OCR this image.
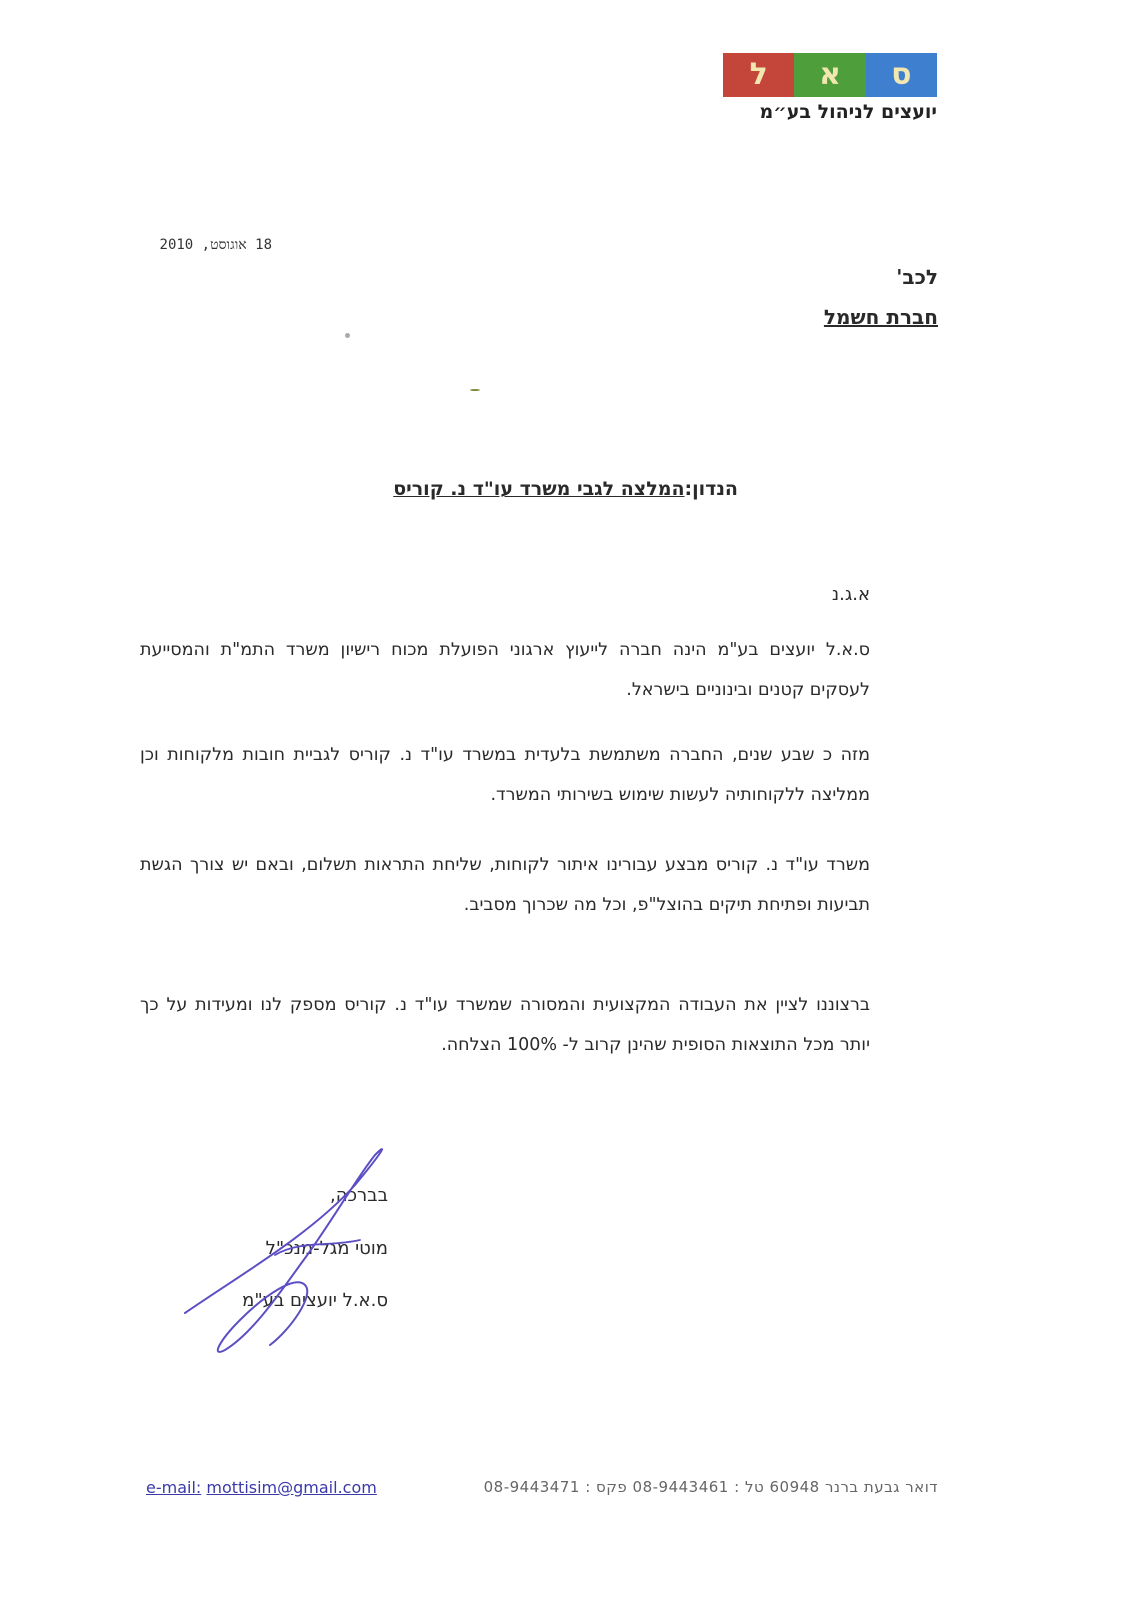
ל א ס
יועצים לניהול בע״מ
18 אוגוסט, 2010
לכב'
חברת חשמל
הנדון:המלצה לגבי משרד עו"ד נ. קוריס
א.ג.נ
ס.א.ל יועצים בע"מ הינה חברה לייעוץ ארגוני הפועלת מכוח רישיון משרד התמ"ת והמסייעת לעסקים קטנים ובינוניים בישראל.
מזה כ שבע שנים, החברה משתמשת בלעדית במשרד עו"ד נ. קוריס לגביית חובות מלקוחות וכן ממליצה ללקוחותיה לעשות שימוש בשירותי המשרד.
משרד עו"ד נ. קוריס מבצע עבורינו איתור לקוחות, שליחת התראות תשלום, ובאם יש צורך הגשת תביעות ופתיחת תיקים בהוצל"פ, וכל מה שכרוך מסביב.
ברצוננו לציין את העבודה המקצועית והמסורה שמשרד עו"ד נ. קוריס מספק לנו ומעידות על כך יותר מכל התוצאות הסופית שהינן קרוב ל- 100% הצלחה.
בברכה,
מוטי מגל-מנכ"ל
ס.א.ל יועצים בע"מ
e-mail: mottisim@gmail.com	דואר גבעת ברנר 60948 טל : 08-9443461 פקס : 08-9443471
